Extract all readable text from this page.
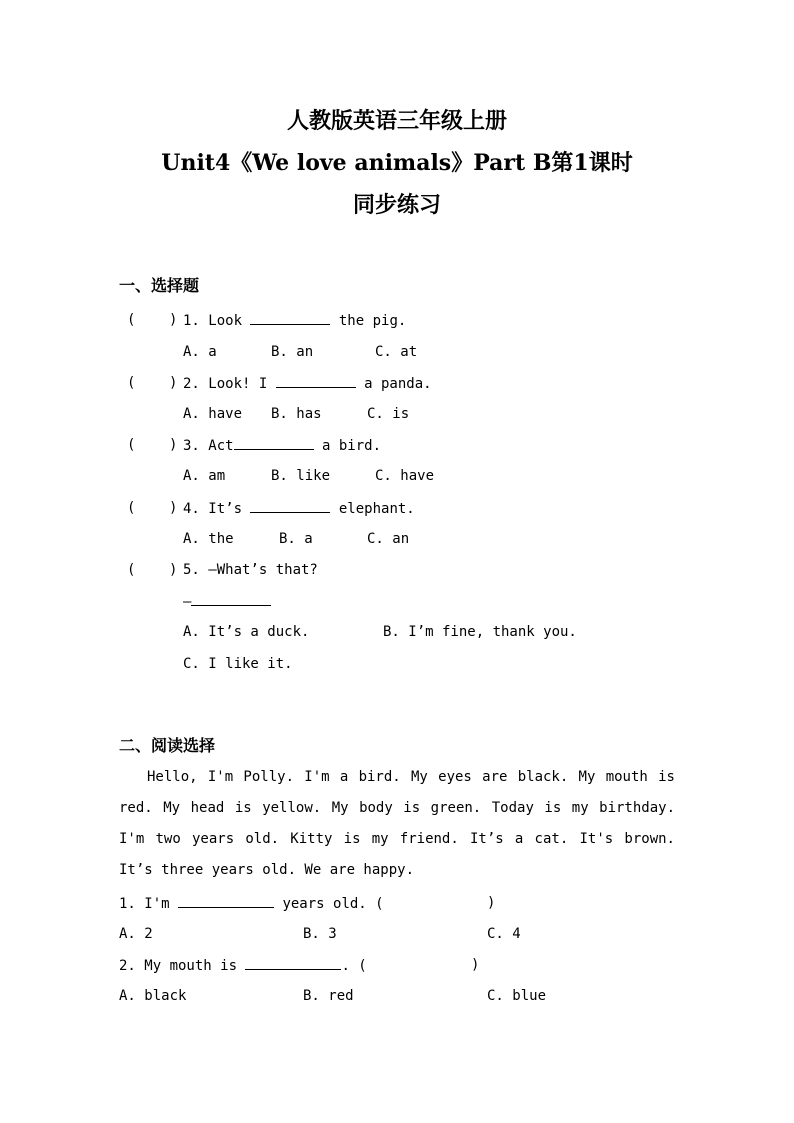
人教版英语三年级上册
Unit4《We love animals》Part B第1课时
同步练习
一、选择题
( ) 1. Look	the pig.
A. a	B. an	C. at
( ) 2. Look! I	a panda.
A. have B. has	C. is
( ) 3. Act	a bird.
A. am	B. like	C. have
( ) 4. It’s	elephant.
A. the	B. a	C. an
( ) 5. —What’s that?
—
A. It’s a duck.	B. I’m fine, thank you.
C. I like it.
二、阅读选择
Hello, I'm Polly. I'm a bird. My eyes are black. My mouth is red. My head is yellow. My body is green. Today is my birthday. I'm two years old. Kitty is my friend. It’s a cat. It's brown. It’s three years old. We are happy.
1. I'm	years old. (	)
A. 2	B. 3	C. 4
2. My mouth is	. (	)
A. black	B. red	C. blue
